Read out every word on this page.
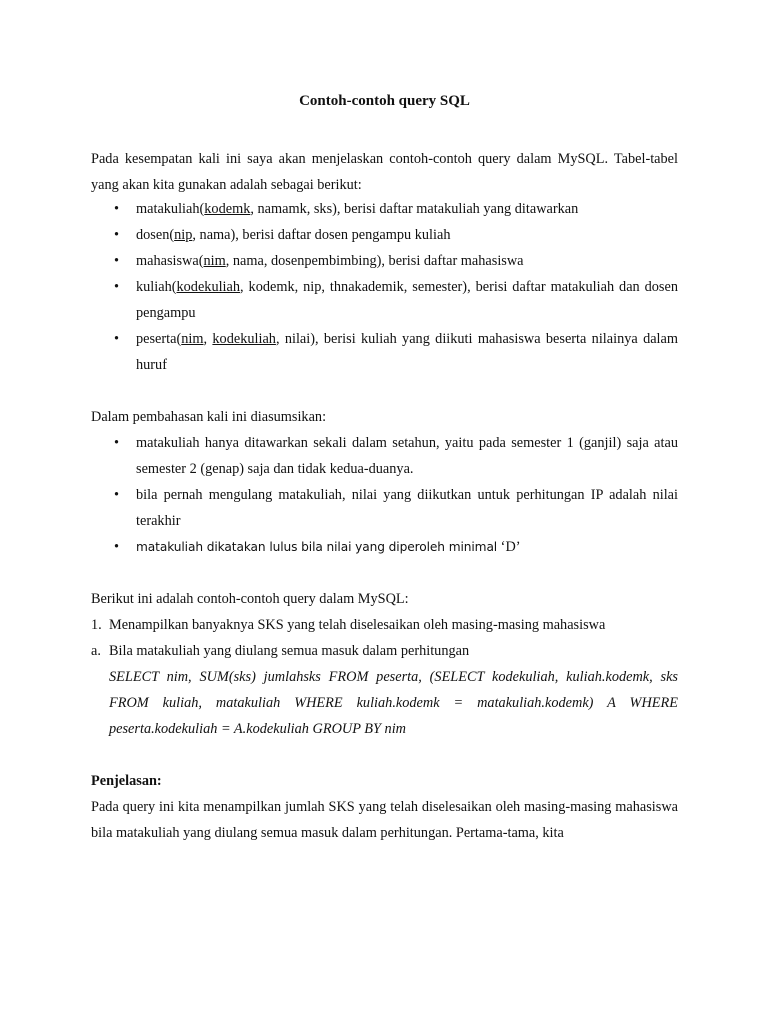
Contoh-contoh query SQL

Pada kesempatan kali ini saya akan menjelaskan contoh-contoh query dalam MySQL. Tabel-tabel yang akan kita gunakan adalah sebagai berikut:

•	matakuliah(kodemk, namamk, sks), berisi daftar matakuliah yang ditawarkan
•	dosen(nip, nama), berisi daftar dosen pengampu kuliah
•	mahasiswa(nim, nama, dosenpembimbing), berisi daftar mahasiswa
•	kuliah(kodekuliah, kodemk, nip, thnakademik, semester), berisi daftar matakuliah dan dosen pengampu
•	peserta(nim, kodekuliah, nilai), berisi kuliah yang diikuti mahasiswa beserta nilainya dalam huruf

Dalam pembahasan kali ini diasumsikan:

•	matakuliah hanya ditawarkan sekali dalam setahun, yaitu pada semester 1 (ganjil) saja atau semester 2 (genap) saja dan tidak kedua-duanya.
•	bila pernah mengulang matakuliah, nilai yang diikutkan untuk perhitungan IP adalah nilai terakhir
•	matakuliah dikatakan lulus bila nilai yang diperoleh minimal ‘D’

Berikut ini adalah contoh-contoh query dalam MySQL:

1. Menampilkan banyaknya SKS yang telah diselesaikan oleh masing-masing mahasiswa

a. Bila matakuliah yang diulang semua masuk dalam perhitungan

SELECT nim, SUM(sks) jumlahsks FROM peserta, (SELECT kodekuliah, kuliah.kodemk, sks FROM kuliah, matakuliah WHERE kuliah.kodemk = matakuliah.kodemk) A WHERE peserta.kodekuliah = A.kodekuliah GROUP BY nim

Penjelasan:

Pada query ini kita menampilkan jumlah SKS yang telah diselesaikan oleh masing-masing mahasiswa bila matakuliah yang diulang semua masuk dalam perhitungan. Pertama-tama, kita
